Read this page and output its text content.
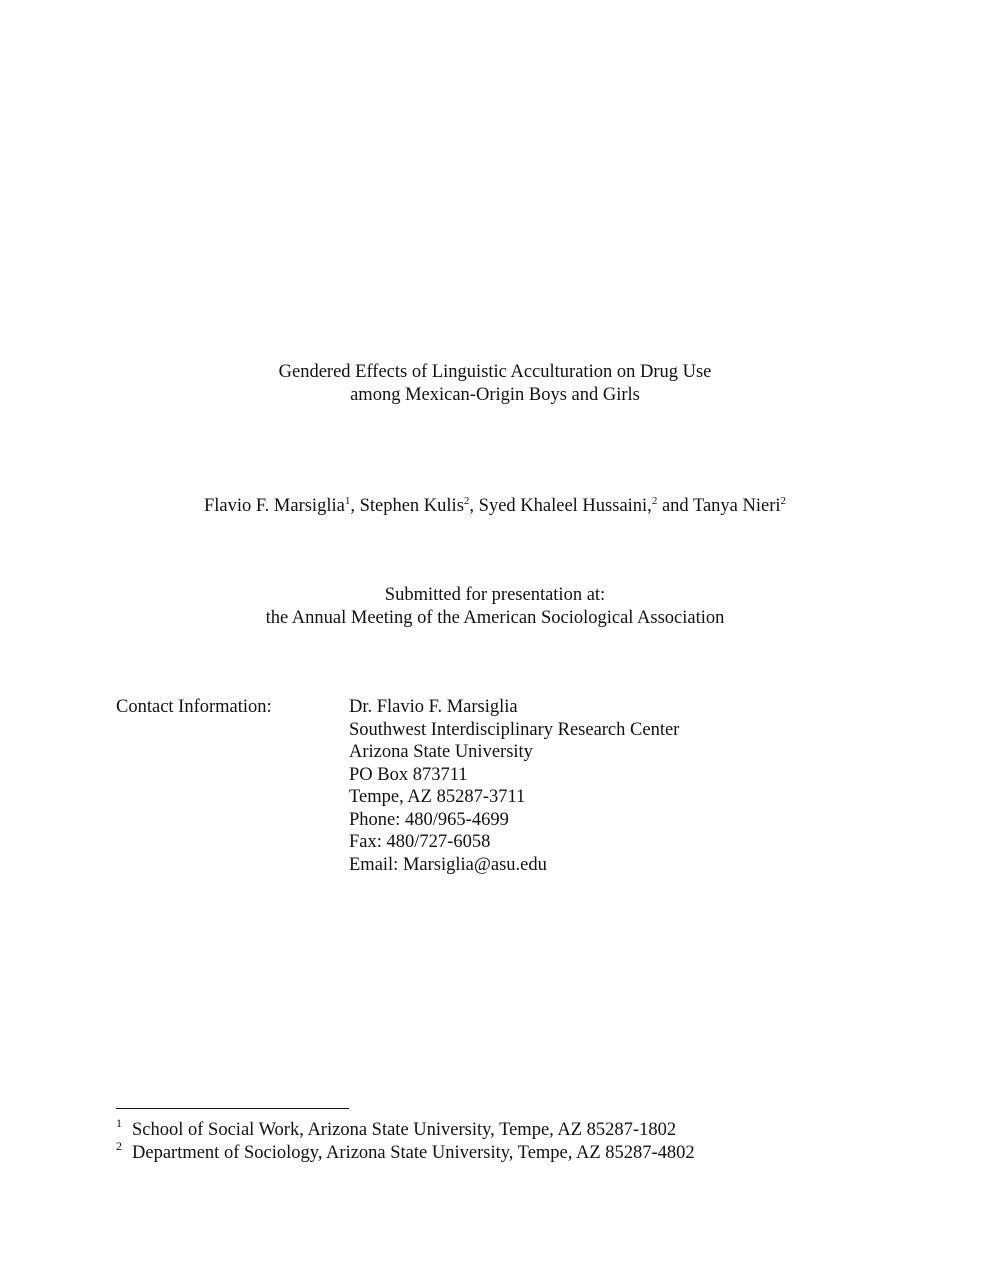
Gendered Effects of Linguistic Acculturation on Drug Use
among Mexican-Origin Boys and Girls
Flavio F. Marsiglia$^1$, Stephen Kulis$^2$, Syed Khaleel Hussaini,$^2$ and Tanya Nieri$^2$
Submitted for presentation at:
the Annual Meeting of the American Sociological Association
Contact Information:	Dr. Flavio F. Marsiglia
Southwest Interdisciplinary Research Center
Arizona State University
PO Box 873711
Tempe, AZ 85287-3711
Phone: 480/965-4699
Fax: 480/727-6058
Email: Marsiglia@asu.edu
1 School of Social Work, Arizona State University, Tempe, AZ 85287-1802
2 Department of Sociology, Arizona State University, Tempe, AZ 85287-4802
